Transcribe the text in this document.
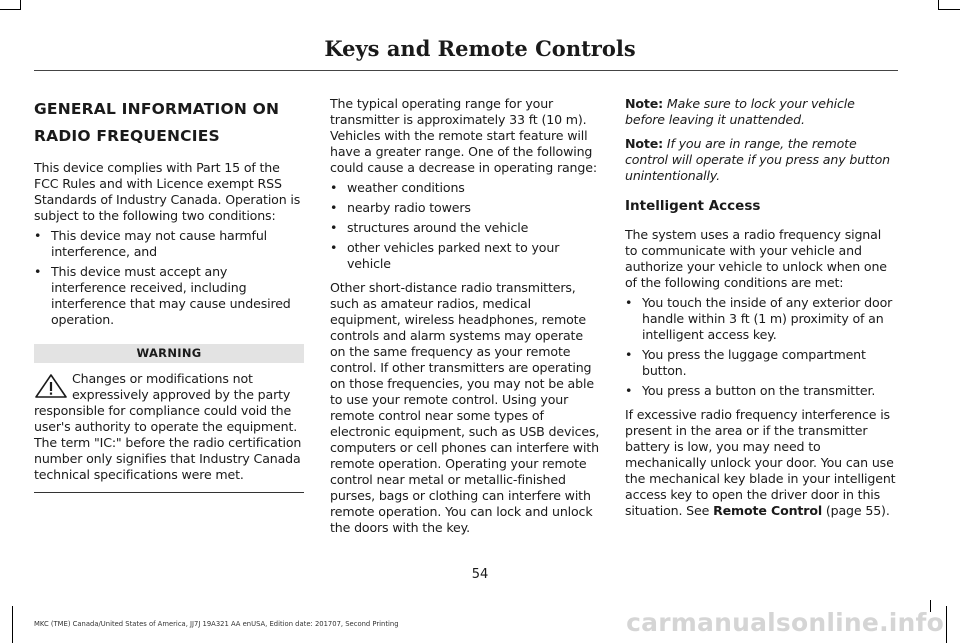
Keys and Remote Controls
GENERAL INFORMATION ON
RADIO FREQUENCIES

This device complies with Part 15 of the FCC Rules and with Licence exempt RSS Standards of Industry Canada. Operation is subject to the following two conditions:

• This device may not cause harmful interference, and
• This device must accept any interference received, including interference that may cause undesired operation.
WARNING
Changes or modifications not expressively approved by the party responsible for compliance could void the user's authority to operate the equipment. The term "IC:" before the radio certification number only signifies that Industry Canada technical specifications were met.

The typical operating range for your transmitter is approximately 33 ft (10 m). Vehicles with the remote start feature will have a greater range. One of the following could cause a decrease in operating range:

• weather conditions
• nearby radio towers
• structures around the vehicle
• other vehicles parked next to your vehicle

Other short-distance radio transmitters, such as amateur radios, medical equipment, wireless headphones, remote controls and alarm systems may operate on the same frequency as your remote control. If other transmitters are operating on those frequencies, you may not be able to use your remote control. Using your remote control near some types of electronic equipment, such as USB devices, computers or cell phones can interfere with remote operation. Operating your remote control near metal or metallic-finished purses, bags or clothing can interfere with remote operation. You can lock and unlock the doors with the key.

Note: Make sure to lock your vehicle before leaving it unattended.

Note: If you are in range, the remote control will operate if you press any button unintentionally.

Intelligent Access

The system uses a radio frequency signal to communicate with your vehicle and authorize your vehicle to unlock when one of the following conditions are met:

• You touch the inside of any exterior door handle within 3 ft (1 m) proximity of an intelligent access key.
• You press the luggage compartment button.
• You press a button on the transmitter.

If excessive radio frequency interference is present in the area or if the transmitter battery is low, you may need to mechanically unlock your door. You can use the mechanical key blade in your intelligent access key to open the driver door in this situation. See Remote Control (page 55).

54
MKC (TME) Canada/United States of America, JJ7J 19A321 AA enUSA, Edition date: 201707, Second Printing	carmanualsonline.info
